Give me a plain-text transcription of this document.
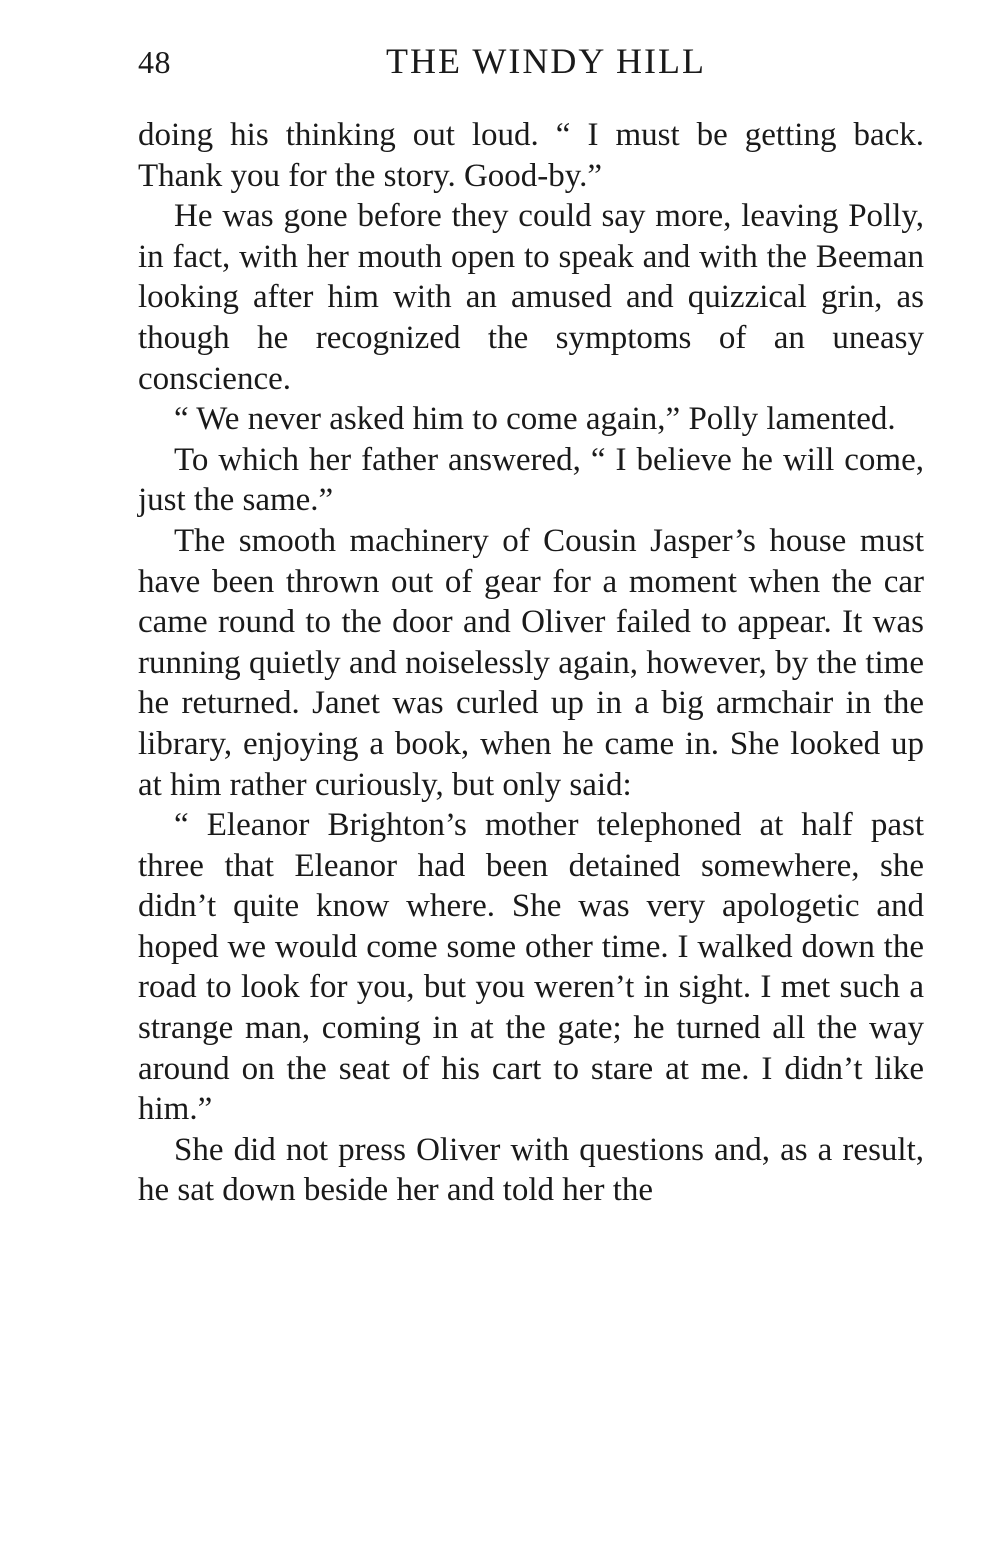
48	THE WINDY HILL

doing his thinking out loud. “ I must be getting back. Thank you for the story. Good-by.”

He was gone before they could say more, leaving Polly, in fact, with her mouth open to speak and with the Beeman looking after him with an amused and quizzical grin, as though he recognized the symptoms of an uneasy conscience.

“ We never asked him to come again,” Polly lamented.

To which her father answered, “ I believe he will come, just the same.”

The smooth machinery of Cousin Jasper’s house must have been thrown out of gear for a moment when the car came round to the door and Oliver failed to appear. It was running quietly and noiselessly again, however, by the time he returned. Janet was curled up in a big armchair in the library, enjoying a book, when he came in. She looked up at him rather curiously, but only said:

“ Eleanor Brighton’s mother telephoned at half past three that Eleanor had been detained somewhere, she didn’t quite know where. She was very apologetic and hoped we would come some other time. I walked down the road to look for you, but you weren’t in sight. I met such a strange man, coming in at the gate; he turned all the way around on the seat of his cart to stare at me. I didn’t like him.”

She did not press Oliver with questions and, as a result, he sat down beside her and told her the
